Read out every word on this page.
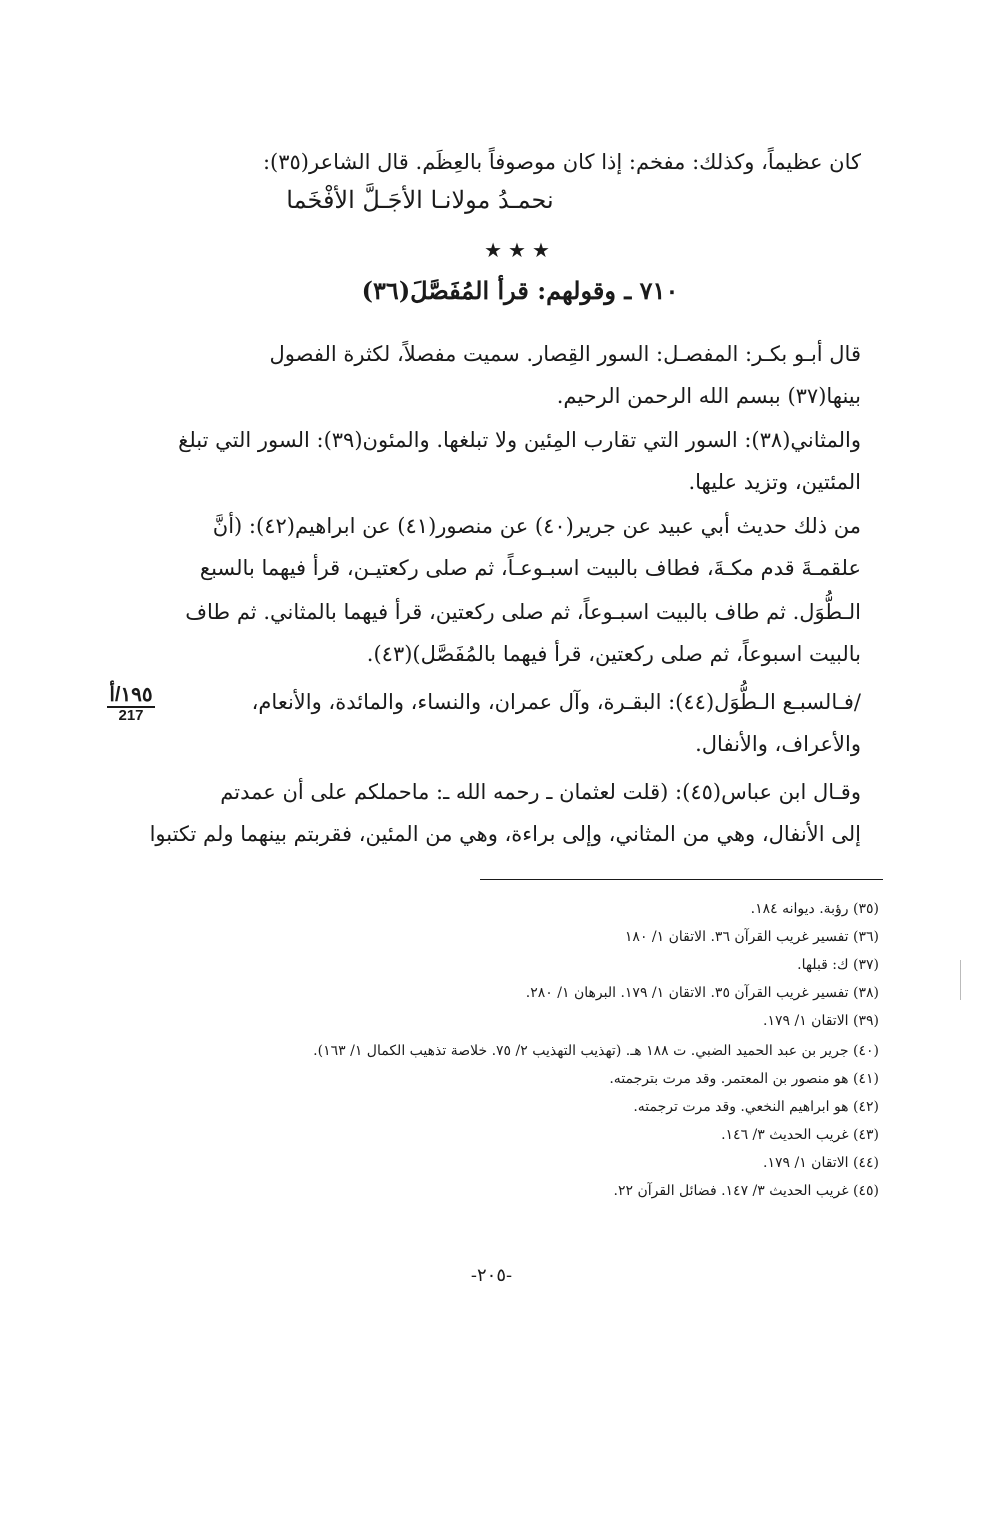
كان عظيماً، وكذلك: مفخم: إذا كان موصوفاً بالعِظَم. قال الشاعر(٣٥):
نحمـدُ مولانـا الأجَـلَّ الأفْخَما
★★★
٧١٠ ـ وقولهم: قرأ المُفَصَّلَ(٣٦)
قال أبـو بكـر: المفصـل: السور القِصار. سميت مفصلاً، لكثرة الفصول
بينها(٣٧) ببسم الله الرحمن الرحيم.
والمثاني(٣٨): السور التي تقارب المِئين ولا تبلغها. والمئون(٣٩): السور التي تبلغ
المئتين، وتزيد عليها.
من ذلك حديث أبي عبيد عن جرير(٤٠) عن منصور(٤١) عن ابراهيم(٤٢): (أنَّ
علقمـةَ قدم مكـةَ، فطاف بالبيت اسبـوعـاً، ثم صلى ركعتيـن، قرأ فيهما بالسبع
الـطُّوَل. ثم طاف بالبيت اسبـوعاً، ثم صلى ركعتين، قرأ فيهما بالمثاني. ثم طاف
بالبيت اسبوعاً، ثم صلى ركعتين، قرأ فيهما بالمُفَصَّل)(٤٣).
/فـالسبـع الـطُّوَل(٤٤): البقـرة، وآل عمران، والنساء، والمائدة، والأنعام،
والأعراف، والأنفال.
وقـال ابن عباس(٤٥): (قلت لعثمان ـ رحمه الله ـ: ماحملكم على أن عمدتم
إلى الأنفال، وهي من المثاني، وإلى براءة، وهي من المئين، فقربتم بينهما ولم تكتبوا
١٩٥/أ
217
(٣٥) رؤبة. ديوانه ١٨٤.
(٣٦) تفسير غريب القرآن ٣٦. الاتقان ١/ ١٨٠
(٣٧) ك: قبلها.
(٣٨) تفسير غريب القرآن ٣٥. الاتقان ١/ ١٧٩. البرهان ١/ ٢٨٠.
(٣٩) الاتقان ١/ ١٧٩.
(٤٠) جرير بن عبد الحميد الضبي. ت ١٨٨ هـ. (تهذيب التهذيب ٢/ ٧٥. خلاصة تذهيب الكمال ١/ ١٦٣).
(٤١) هو منصور بن المعتمر. وقد مرت بترجمته.
(٤٢) هو ابراهيم النخعي. وقد مرت ترجمته.
(٤٣) غريب الحديث ٣/ ١٤٦.
(٤٤) الاتقان ١/ ١٧٩.
(٤٥) غريب الحديث ٣/ ١٤٧. فضائل القرآن ٢٢.
-٢٠٥-
